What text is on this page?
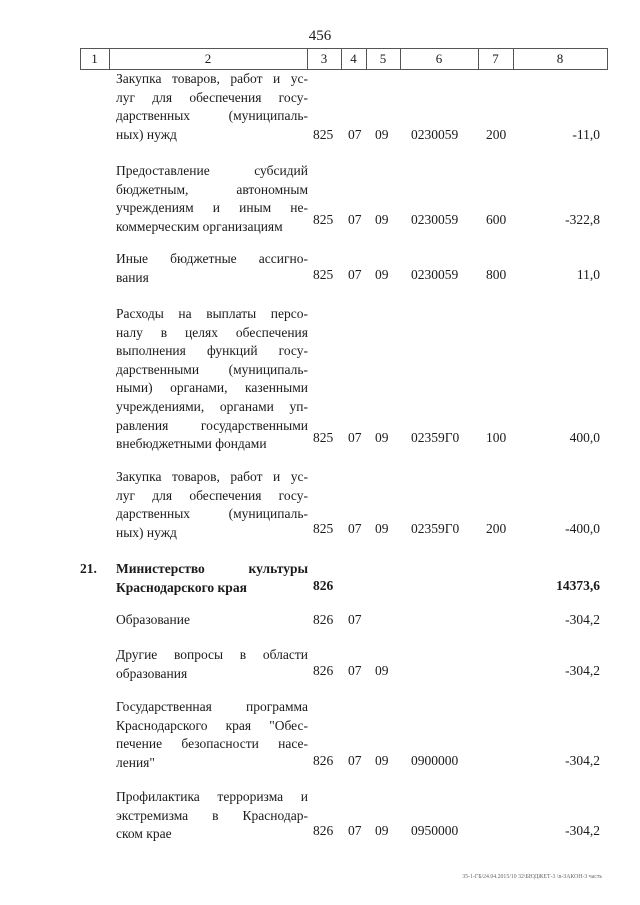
456
1	2	3	4	5	6	7	8
Закупка товаров, работ и ус-
луг для обеспечения госу-
дарственных (муниципаль-
ных) нужд	825 07 09 0230059 200	-11,0
Предоставление субсидий
бюджетным, автономным
учреждениям и иным не-
коммерческим организациям	825 07 09 0230059 600	-322,8
Иные бюджетные ассигно-
вания	825 07 09 0230059 800	11,0
Расходы на выплаты персо-
налу в целях обеспечения
выполнения функций госу-
дарственными (муниципаль-
ными) органами, казенными
учреждениями, органами уп-
равления государственными
внебюджетными фондами	825 07 09 02359Г0 100	400,0
Закупка товаров, работ и ус-
луг для обеспечения госу-
дарственных (муниципаль-
ных) нужд	825 07 09 02359Г0 200	-400,0
21. Министерство культуры
Краснодарского края	826	14373,6
Образование	826 07	-304,2
Другие вопросы в области
образования	826 07 09	-304,2
Государственная программа
Краснодарского края "Обес-
печение безопасности насе-
ления"	826 07 09 0900000	-304,2
Профилактика терроризма и
экстремизма в Краснодар-
ском крае	826 07 09 0950000	-304,2
35-1-ГБ/24.04.2015/10 32\БЮДЖЕТ-3 \n-ЗАКОН-3 часть
